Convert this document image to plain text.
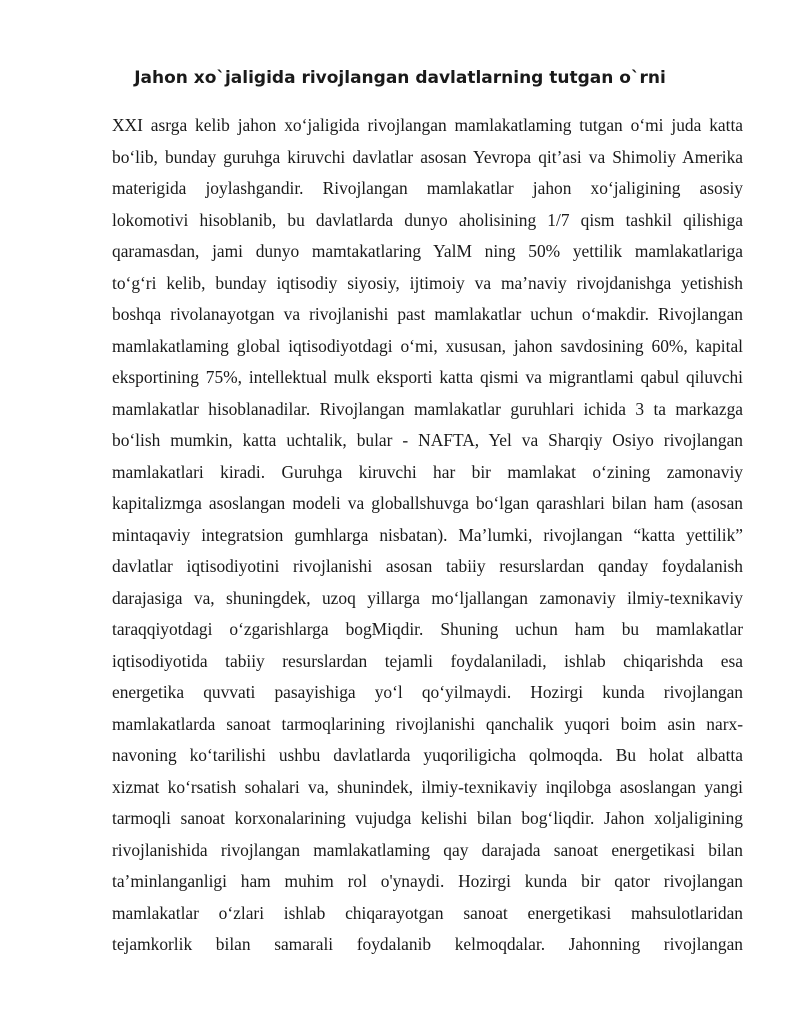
Jahon xo`jaligida rivojlangan davlatlarning tutgan o`rni
XXI asrga kelib jahon xo‘jaligida rivojlangan mamlakatlaming tutgan o‘mi juda katta
bo‘lib, bunday guruhga kiruvchi davlatlar asosan Yevropa qit’asi va Shimoliy Amerika
materigida joylashgandir. Rivojlangan mamlakatlar jahon xo‘jaligining asosiy
lokomotivi hisoblanib, bu davlatlarda dunyo aholisining 1/7 qism tashkil qilishiga
qaramasdan, jami dunyo mamtakatlaring YalM ning 50% yettilik mamlakatlariga
to‘g‘ri kelib, bunday iqtisodiy siyosiy, ijtimoiy va ma’naviy rivojdanishga yetishish
boshqa rivolanayotgan va rivojlanishi past mamlakatlar uchun o‘makdir. Rivojlangan
mamlakatlaming global iqtisodiyotdagi o‘mi, xususan, jahon savdosining 60%, kapital
eksportining 75%, intellektual mulk eksporti katta qismi va migrantlami qabul qiluvchi
mamlakatlar hisoblanadilar. Rivojlangan mamlakatlar guruhlari ichida 3 ta markazga
bo‘lish mumkin, katta uchtalik, bular - NAFTA, Yel va Sharqiy Osiyo rivojlangan
mamlakatlari kiradi. Guruhga kiruvchi har bir mamlakat o‘zining zamonaviy
kapitalizmga asoslangan modeli va globallshuvga bo‘lgan qarashlari bilan ham (asosan
mintaqaviy integratsion gumhlarga nisbatan). Ma’lumki, rivojlangan “katta yettilik”
davlatlar iqtisodiyotini rivojlanishi asosan tabiiy resurslardan qanday foydalanish
darajasiga va, shuningdek, uzoq yillarga mo‘ljallangan zamonaviy ilmiy-texnikaviy
taraqqiyotdagi o‘zgarishlarga bogMiqdir. Shuning uchun ham bu mamlakatlar
iqtisodiyotida tabiiy resurslardan tejamli foydalaniladi, ishlab chiqarishda esa
energetika quvvati pasayishiga yo‘l qo‘yilmaydi. Hozirgi kunda rivojlangan
mamlakatlarda sanoat tarmoqlarining rivojlanishi qanchalik yuqori boim asin narx-
navoning ko‘tarilishi ushbu davlatlarda yuqoriligicha qolmoqda. Bu holat albatta
xizmat ko‘rsatish sohalari va, shunindek, ilmiy-texnikaviy inqilobga asoslangan yangi
tarmoqli sanoat korxonalarining vujudga kelishi bilan bog‘liqdir. Jahon xoljaligining
rivojlanishida rivojlangan mamlakatlaming qay darajada sanoat energetikasi bilan
ta’minlanganligi ham muhim rol o'ynaydi. Hozirgi kunda bir qator rivojlangan
mamlakatlar o‘zlari ishlab chiqarayotgan sanoat energetikasi mahsulotlaridan
tejamkorlik bilan samarali foydalanib kelmoqdalar. Jahonning rivojlangan
